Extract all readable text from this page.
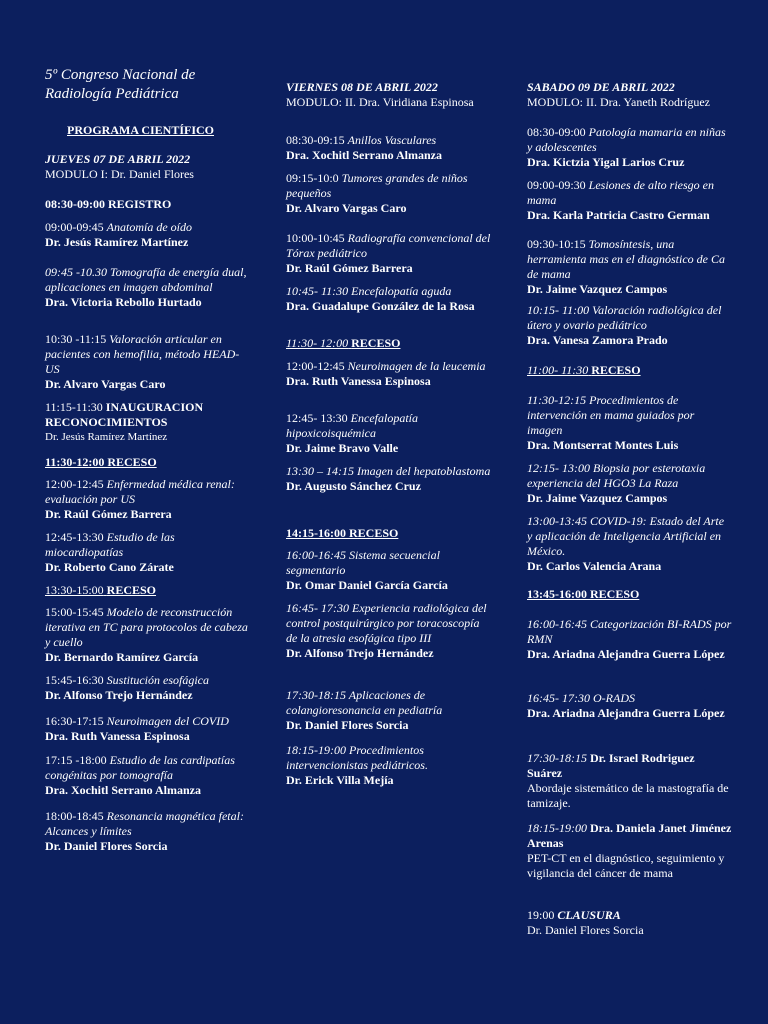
5º Congreso Nacional de
Radiología Pediátrica
PROGRAMA CIENTÍFICO
JUEVES 07 DE ABRIL 2022
MODULO I: Dr. Daniel Flores
08:30-09:00 REGISTRO
09:00-09:45 Anatomía de oído
Dr. Jesús Ramírez Martínez
09:45 -10.30 Tomografía de energía dual, aplicaciones en imagen abdominal
Dra. Victoria Rebollo Hurtado
10:30 -11:15 Valoración articular en pacientes con hemofilia, método HEAD-US
Dr. Alvaro Vargas Caro
11:15-11:30 INAUGURACION RECONOCIMIENTOS
Dr. Jesús Ramírez Martínez
11:30-12:00 RECESO
12:00-12:45 Enfermedad médica renal: evaluación por US
Dr. Raúl Gómez Barrera
12:45-13:30 Estudio de las miocardiopatías
Dr. Roberto Cano Zárate
13:30-15:00 RECESO
15:00-15:45 Modelo de reconstrucción iterativa en TC para protocolos de cabeza y cuello
Dr. Bernardo Ramírez García
15:45-16:30 Sustitución esofágica
Dr. Alfonso Trejo Hernández
16:30-17:15 Neuroimagen del COVID
Dra. Ruth Vanessa Espinosa
17:15 -18:00 Estudio de las cardipatías congénitas por tomografía
Dra. Xochitl Serrano Almanza
18:00-18:45 Resonancia magnética fetal: Alcances y límites
Dr. Daniel Flores Sorcia
VIERNES 08 DE ABRIL 2022
MODULO: II. Dra. Viridiana Espinosa
08:30-09:15 Anillos Vasculares
Dra. Xochitl Serrano Almanza
09:15-10:0 Tumores grandes de niños pequeños
Dr. Alvaro Vargas Caro
10:00-10:45 Radiografía convencional del Tórax pediátrico
Dr. Raúl Gómez Barrera
10:45- 11:30 Encefalopatía aguda
Dra. Guadalupe González de la Rosa
11:30- 12:00 RECESO
12:00-12:45 Neuroimagen de la leucemia
Dra. Ruth Vanessa Espinosa
12:45- 13:30 Encefalopatía hipoxicoisquémica
Dr. Jaime Bravo Valle
13:30 – 14:15 Imagen del hepatoblastoma
Dr. Augusto Sánchez Cruz
14:15-16:00 RECESO
16:00-16:45 Sistema secuencial segmentario
Dr. Omar Daniel García García
16:45- 17:30 Experiencia radiológica del control postquirúrgico por toracoscopía de la atresia esofágica tipo III
Dr. Alfonso Trejo Hernández
17:30-18:15 Aplicaciones de colangioresonancia en pediatría
Dr. Daniel Flores Sorcia
18:15-19:00 Procedimientos intervencionistas pediátricos.
Dr. Erick Villa Mejía
SABADO 09 DE ABRIL 2022
MODULO: II. Dra. Yaneth Rodríguez
08:30-09:00 Patología mamaria en niñas y adolescentes
Dra. Kictzia Yigal Larios Cruz
09:00-09:30 Lesiones de alto riesgo en mama
Dra. Karla Patricia Castro German
09:30-10:15 Tomosíntesis, una herramienta mas en el diagnóstico de Ca de mama
Dr. Jaime Vazquez Campos
10:15- 11:00 Valoración radiológica del útero y ovario pediátrico
Dra. Vanesa Zamora Prado
11:00- 11:30 RECESO
11:30-12:15 Procedimientos de intervención en mama guiados por imagen
Dra. Montserrat Montes Luis
12:15- 13:00 Biopsia por esterotaxia experiencia del HGO3 La Raza
Dr. Jaime Vazquez Campos
13:00-13:45 COVID-19: Estado del Arte y aplicación de Inteligencia Artificial en México.
Dr. Carlos Valencia Arana
13:45-16:00 RECESO
16:00-16:45 Categorización BI-RADS por RMN
Dra. Ariadna Alejandra Guerra López
16:45- 17:30 O-RADS
Dra. Ariadna Alejandra Guerra López
17:30-18:15 Dr. Israel Rodriguez Suárez
Abordaje sistemático de la mastografía de tamizaje.
18:15-19:00 Dra. Daniela Janet Jiménez Arenas
PET-CT en el diagnóstico, seguimiento y vigilancia del cáncer de mama
19:00 CLAUSURA
Dr. Daniel Flores Sorcia
